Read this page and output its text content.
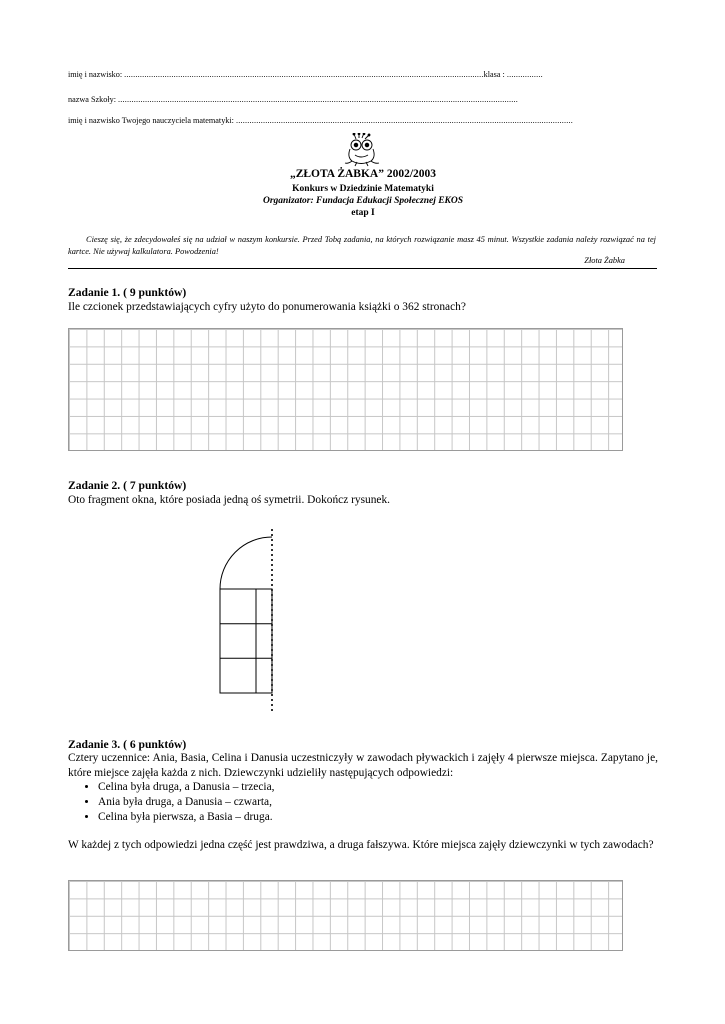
imię i nazwisko: ................................................................................................................................................................klasa : ................
nazwa Szkoły: ..................................................................................................................................................................................
imię i nazwisko Twojego nauczyciela matematyki: ......................................................................................................................................................
„ZŁOTA ŻABKA” 2002/2003
Konkurs w Dziedzinie Matematyki
Organizator: Fundacja Edukacji Społecznej EKOS
etap I
Cieszę się, że zdecydowałeś się na udział w naszym konkursie. Przed Tobą zadania, na których rozwiązanie masz 45 minut. Wszystkie zadania należy rozwiązać na tej kartce. Nie używaj kalkulatora. Powodzenia!
Złota Żabka
Zadanie 1. ( 9 punktów)
Ile czcionek przedstawiających cyfry użyto do ponumerowania książki o 362 stronach?
Zadanie 2. ( 7 punktów)
Oto fragment okna, które posiada jedną oś symetrii. Dokończ rysunek.
Zadanie 3. ( 6 punktów)
Cztery uczennice: Ania, Basia, Celina i Danusia uczestniczyły w zawodach pływackich i zajęły 4 pierwsze miejsca. Zapytano je, które miejsce zajęła każda z nich. Dziewczynki udzieliły następujących odpowiedzi:
• Celina była druga, a Danusia – trzecia,
• Ania była druga, a Danusia – czwarta,
• Celina była pierwsza, a Basia – druga.
W każdej z tych odpowiedzi jedna część jest prawdziwa, a druga fałszywa. Które miejsca zajęły dziewczynki w tych zawodach?
